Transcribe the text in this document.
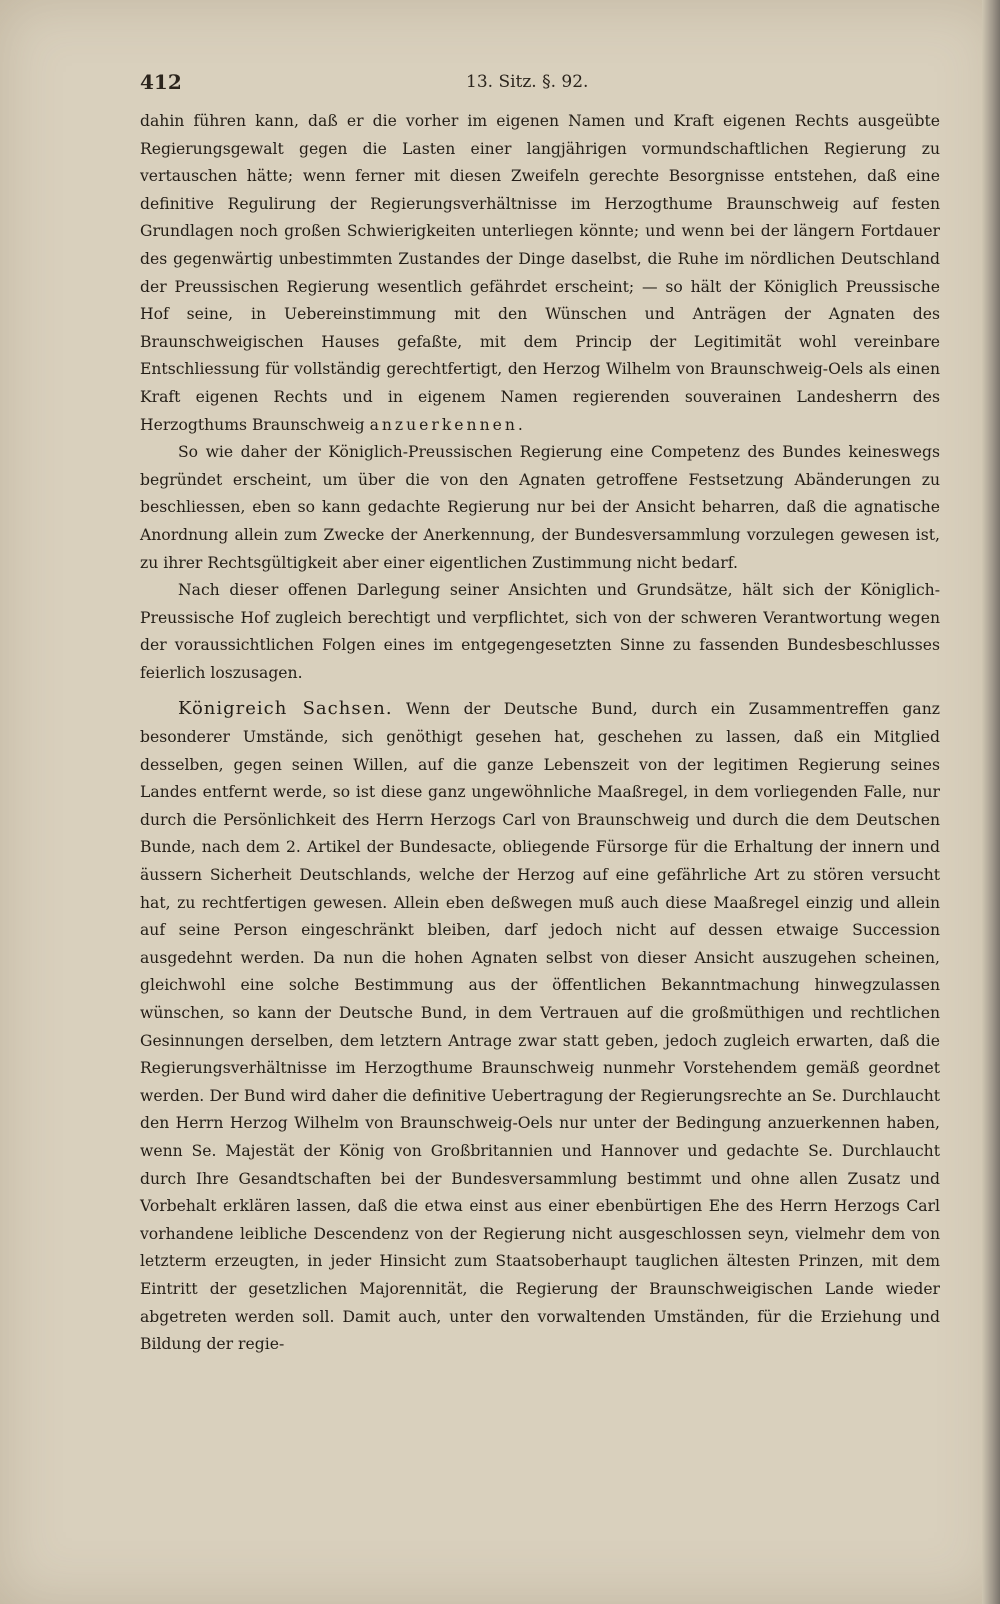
412	13. Sitz. §. 92.

dahin führen kann, daß er die vorher im eigenen Namen und Kraft eigenen Rechts ausgeübte Regierungsgewalt gegen die Lasten einer langjährigen vormundschaftlichen Regierung zu vertauschen hätte; wenn ferner mit diesen Zweifeln gerechte Besorgnisse entstehen, daß eine definitive Regulirung der Regierungsverhältnisse im Herzogthume Braunschweig auf festen Grundlagen noch großen Schwierigkeiten unterliegen könnte; und wenn bei der längern Fortdauer des gegenwärtig unbestimmten Zustandes der Dinge daselbst, die Ruhe im nördlichen Deutschland der Preussischen Regierung wesentlich gefährdet erscheint; — so hält der Königlich Preussische Hof seine, in Uebereinstimmung mit den Wünschen und Anträgen der Agnaten des Braunschweigischen Hauses gefaßte, mit dem Princip der Legitimität wohl vereinbare Entschliessung für vollständig gerechtfertigt, den Herzog Wilhelm von Braunschweig-Oels als einen Kraft eigenen Rechts und in eigenem Namen regierenden souverainen Landesherrn des Herzogthums Braunschweig anzuerkennen.

So wie daher der Königlich-Preussischen Regierung eine Competenz des Bundes keineswegs begründet erscheint, um über die von den Agnaten getroffene Festsetzung Abänderungen zu beschliessen, eben so kann gedachte Regierung nur bei der Ansicht beharren, daß die agnatische Anordnung allein zum Zwecke der Anerkennung, der Bundesversammlung vorzulegen gewesen ist, zu ihrer Rechtsgültigkeit aber einer eigentlichen Zustimmung nicht bedarf.

Nach dieser offenen Darlegung seiner Ansichten und Grundsätze, hält sich der Königlich-Preussische Hof zugleich berechtigt und verpflichtet, sich von der schweren Verantwortung wegen der voraussichtlichen Folgen eines im entgegengesetzten Sinne zu fassenden Bundesbeschlusses feierlich loszusagen.

Königreich Sachsen. Wenn der Deutsche Bund, durch ein Zusammentreffen ganz besonderer Umstände, sich genöthigt gesehen hat, geschehen zu lassen, daß ein Mitglied desselben, gegen seinen Willen, auf die ganze Lebenszeit von der legitimen Regierung seines Landes entfernt werde, so ist diese ganz ungewöhnliche Maaßregel, in dem vorliegenden Falle, nur durch die Persönlichkeit des Herrn Herzogs Carl von Braunschweig und durch die dem Deutschen Bunde, nach dem 2. Artikel der Bundesacte, obliegende Fürsorge für die Erhaltung der innern und äussern Sicherheit Deutschlands, welche der Herzog auf eine gefährliche Art zu stören versucht hat, zu rechtfertigen gewesen. Allein eben deßwegen muß auch diese Maaßregel einzig und allein auf seine Person eingeschränkt bleiben, darf jedoch nicht auf dessen etwaige Succession ausgedehnt werden. Da nun die hohen Agnaten selbst von dieser Ansicht auszugehen scheinen, gleichwohl eine solche Bestimmung aus der öffentlichen Bekanntmachung hinwegzulassen wünschen, so kann der Deutsche Bund, in dem Vertrauen auf die großmüthigen und rechtlichen Gesinnungen derselben, dem letztern Antrage zwar statt geben, jedoch zugleich erwarten, daß die Regierungsverhältnisse im Herzogthume Braunschweig nunmehr Vorstehendem gemäß geordnet werden. Der Bund wird daher die definitive Uebertragung der Regierungsrechte an Se. Durchlaucht den Herrn Herzog Wilhelm von Braunschweig-Oels nur unter der Bedingung anzuerkennen haben, wenn Se. Majestät der König von Großbritannien und Hannover und gedachte Se. Durchlaucht durch Ihre Gesandtschaften bei der Bundesversammlung bestimmt und ohne allen Zusatz und Vorbehalt erklären lassen, daß die etwa einst aus einer ebenbürtigen Ehe des Herrn Herzogs Carl vorhandene leibliche Descendenz von der Regierung nicht ausgeschlossen seyn, vielmehr dem von letzterm erzeugten, in jeder Hinsicht zum Staatsoberhaupt tauglichen ältesten Prinzen, mit dem Eintritt der gesetzlichen Majorennität, die Regierung der Braunschweigischen Lande wieder abgetreten werden soll. Damit auch, unter den vorwaltenden Umständen, für die Erziehung und Bildung der regie-
